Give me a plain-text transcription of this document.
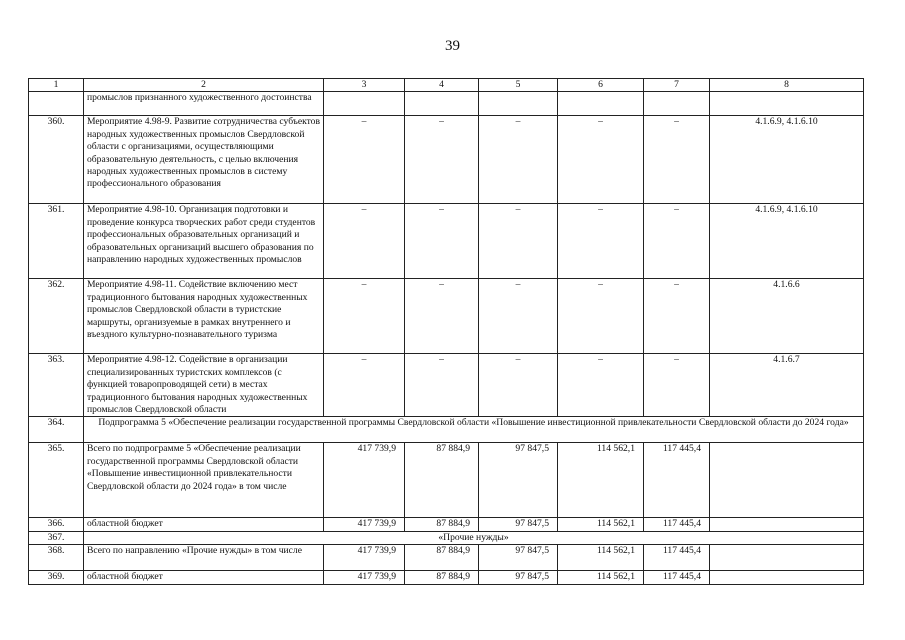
39
1	2	3	4	5	6	7	8
	промыслов признанного художественного достоинства						
360.	Мероприятие 4.98-9. Развитие сотрудничества субъектов народных художественных промыслов Свердловской области с организациями, осуществляющими образовательную деятельность, с целью включения народных художественных промыслов в систему профессионального образования	–	–	–	–	–	4.1.6.9, 4.1.6.10
361.	Мероприятие 4.98-10. Организация подготовки и проведение конкурса творческих работ среди студентов профессиональных образовательных организаций и образовательных организаций высшего образования по направлению народных художественных промыслов	–	–	–	–	–	4.1.6.9, 4.1.6.10
362.	Мероприятие 4.98-11. Содействие включению мест традиционного бытования народных художественных промыслов Свердловской области в туристские маршруты, организуемые в рамках внутреннего и въездного культурно-познавательного туризма	–	–	–	–	–	4.1.6.6
363.	Мероприятие 4.98-12. Содействие в организации специализированных туристских комплексов (с функцией товаропроводящей сети) в местах традиционного бытования народных художественных промыслов Свердловской области	–	–	–	–	–	4.1.6.7
364.	Подпрограмма 5 «Обеспечение реализации государственной программы Свердловской области «Повышение инвестиционной привлекательности Свердловской области до 2024 года»						
365.	Всего по подпрограмме 5 «Обеспечение реализации государственной программы Свердловской области «Повышение инвестиционной привлекательности Свердловской области до 2024 года» в том числе	417 739,9	87 884,9	97 847,5	114 562,1	117 445,4	
366.	областной бюджет	417 739,9	87 884,9	97 847,5	114 562,1	117 445,4	
367.	«Прочие нужды»						
368.	Всего по направлению «Прочие нужды» в том числе	417 739,9	87 884,9	97 847,5	114 562,1	117 445,4	
369.	областной бюджет	417 739,9	87 884,9	97 847,5	114 562,1	117 445,4	
